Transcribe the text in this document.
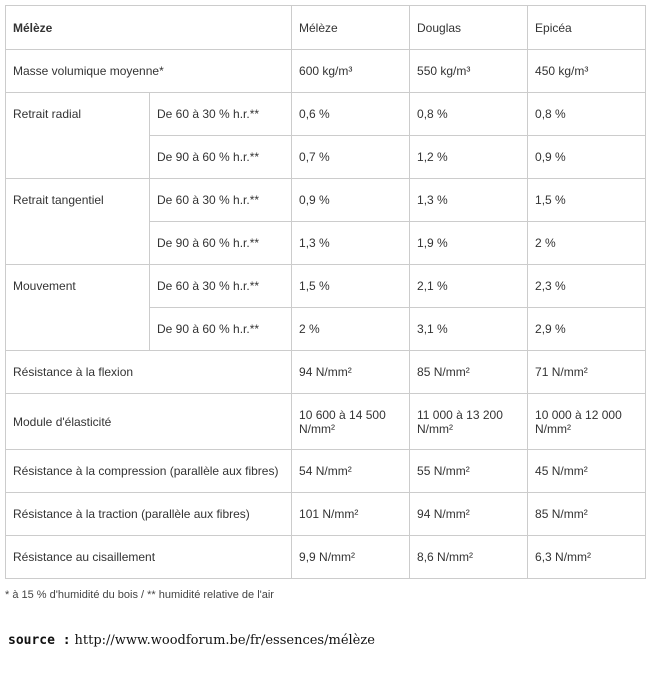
Mélèze		Mélèze	Douglas	Epicéa
Masse volumique moyenne*		600 kg/m³	550 kg/m³	450 kg/m³
Retrait radial	De 60 à 30 % h.r.**	0,6 %	0,8 %	0,8 %
	De 90 à 60 % h.r.**	0,7 %	1,2 %	0,9 %
Retrait tangentiel	De 60 à 30 % h.r.**	0,9 %	1,3 %	1,5 %
	De 90 à 60 % h.r.**	1,3 %	1,9 %	2 %
Mouvement	De 60 à 30 % h.r.**	1,5 %	2,1 %	2,3 %
	De 90 à 60 % h.r.**	2 %	3,1 %	2,9 %
Résistance à la flexion		94 N/mm²	85 N/mm²	71 N/mm²
Module d'élasticité		10 600 à 14 500 N/mm²	11 000 à 13 200 N/mm²	10 000 à 12 000 N/mm²
Résistance à la compression (parallèle aux fibres)		54 N/mm²	55 N/mm²	45 N/mm²
Résistance à la traction (parallèle aux fibres)		101 N/mm²	94 N/mm²	85 N/mm²
Résistance au cisaillement		9,9 N/mm²	8,6 N/mm²	6,3 N/mm²
* à 15 % d'humidité du bois / ** humidité relative de l'air
source : http://www.woodforum.be/fr/essences/mélèze
